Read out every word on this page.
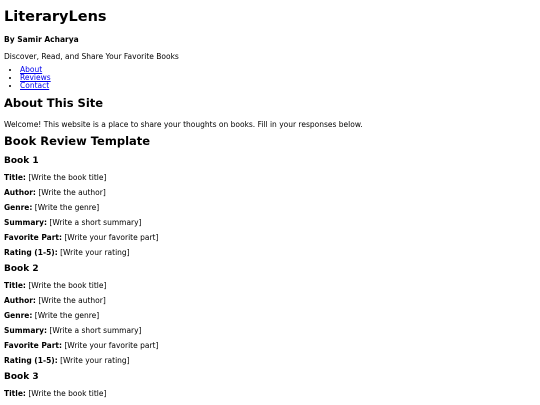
LiteraryLens

By Samir Acharya

Discover, Read, and Share Your Favorite Books

• About
• Reviews
• Contact
About This Site

Welcome! This website is a place to share your thoughts on books. Fill in your responses below.

Book Review Template
Book 1

Title: [Write the book title]

Author: [Write the author]

Genre: [Write the genre]

Summary: [Write a short summary]

Favorite Part: [Write your favorite part]

Rating (1-5): [Write your rating]

Book 2

Title: [Write the book title]

Author: [Write the author]

Genre: [Write the genre]

Summary: [Write a short summary]

Favorite Part: [Write your favorite part]

Rating (1-5): [Write your rating]

Book 3

Title: [Write the book title]
